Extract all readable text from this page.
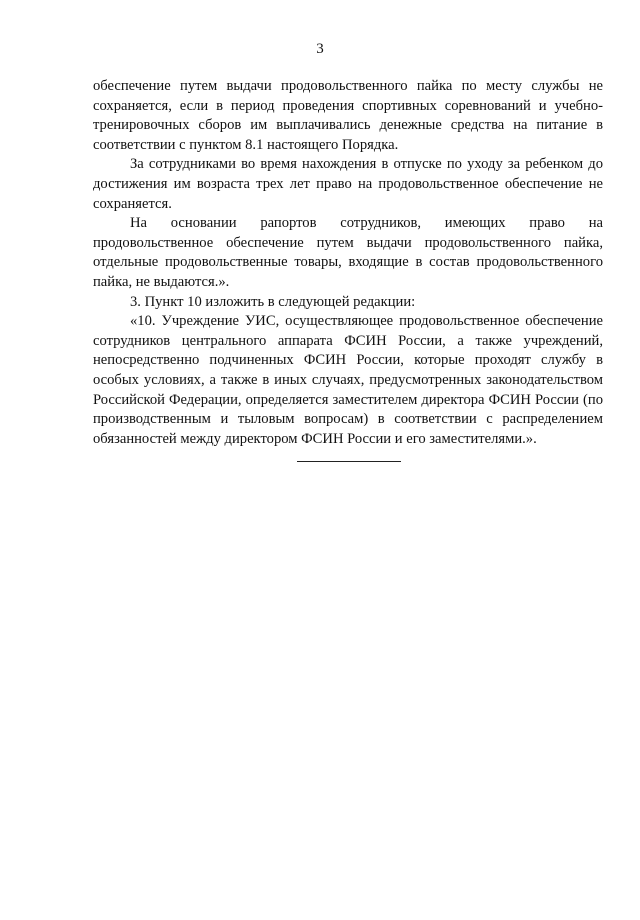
3

обеспечение путем выдачи продовольственного пайка по месту службы не сохраняется, если в период проведения спортивных соревнований и учебно-тренировочных сборов им выплачивались денежные средства на питание в соответствии с пунктом 8.1 настоящего Порядка.

За сотрудниками во время нахождения в отпуске по уходу за ребенком до достижения им возраста трех лет право на продовольственное обеспечение не сохраняется.

На основании рапортов сотрудников, имеющих право на продовольственное обеспечение путем выдачи продовольственного пайка, отдельные продовольственные товары, входящие в состав продовольственного пайка, не выдаются.».

3. Пункт 10 изложить в следующей редакции:

«10. Учреждение УИС, осуществляющее продовольственное обеспечение сотрудников центрального аппарата ФСИН России, а также учреждений, непосредственно подчиненных ФСИН России, которые проходят службу в особых условиях, а также в иных случаях, предусмотренных законодательством Российской Федерации, определяется заместителем директора ФСИН России (по производственным и тыловым вопросам) в соответствии с распределением обязанностей между директором ФСИН России и его заместителями.».
